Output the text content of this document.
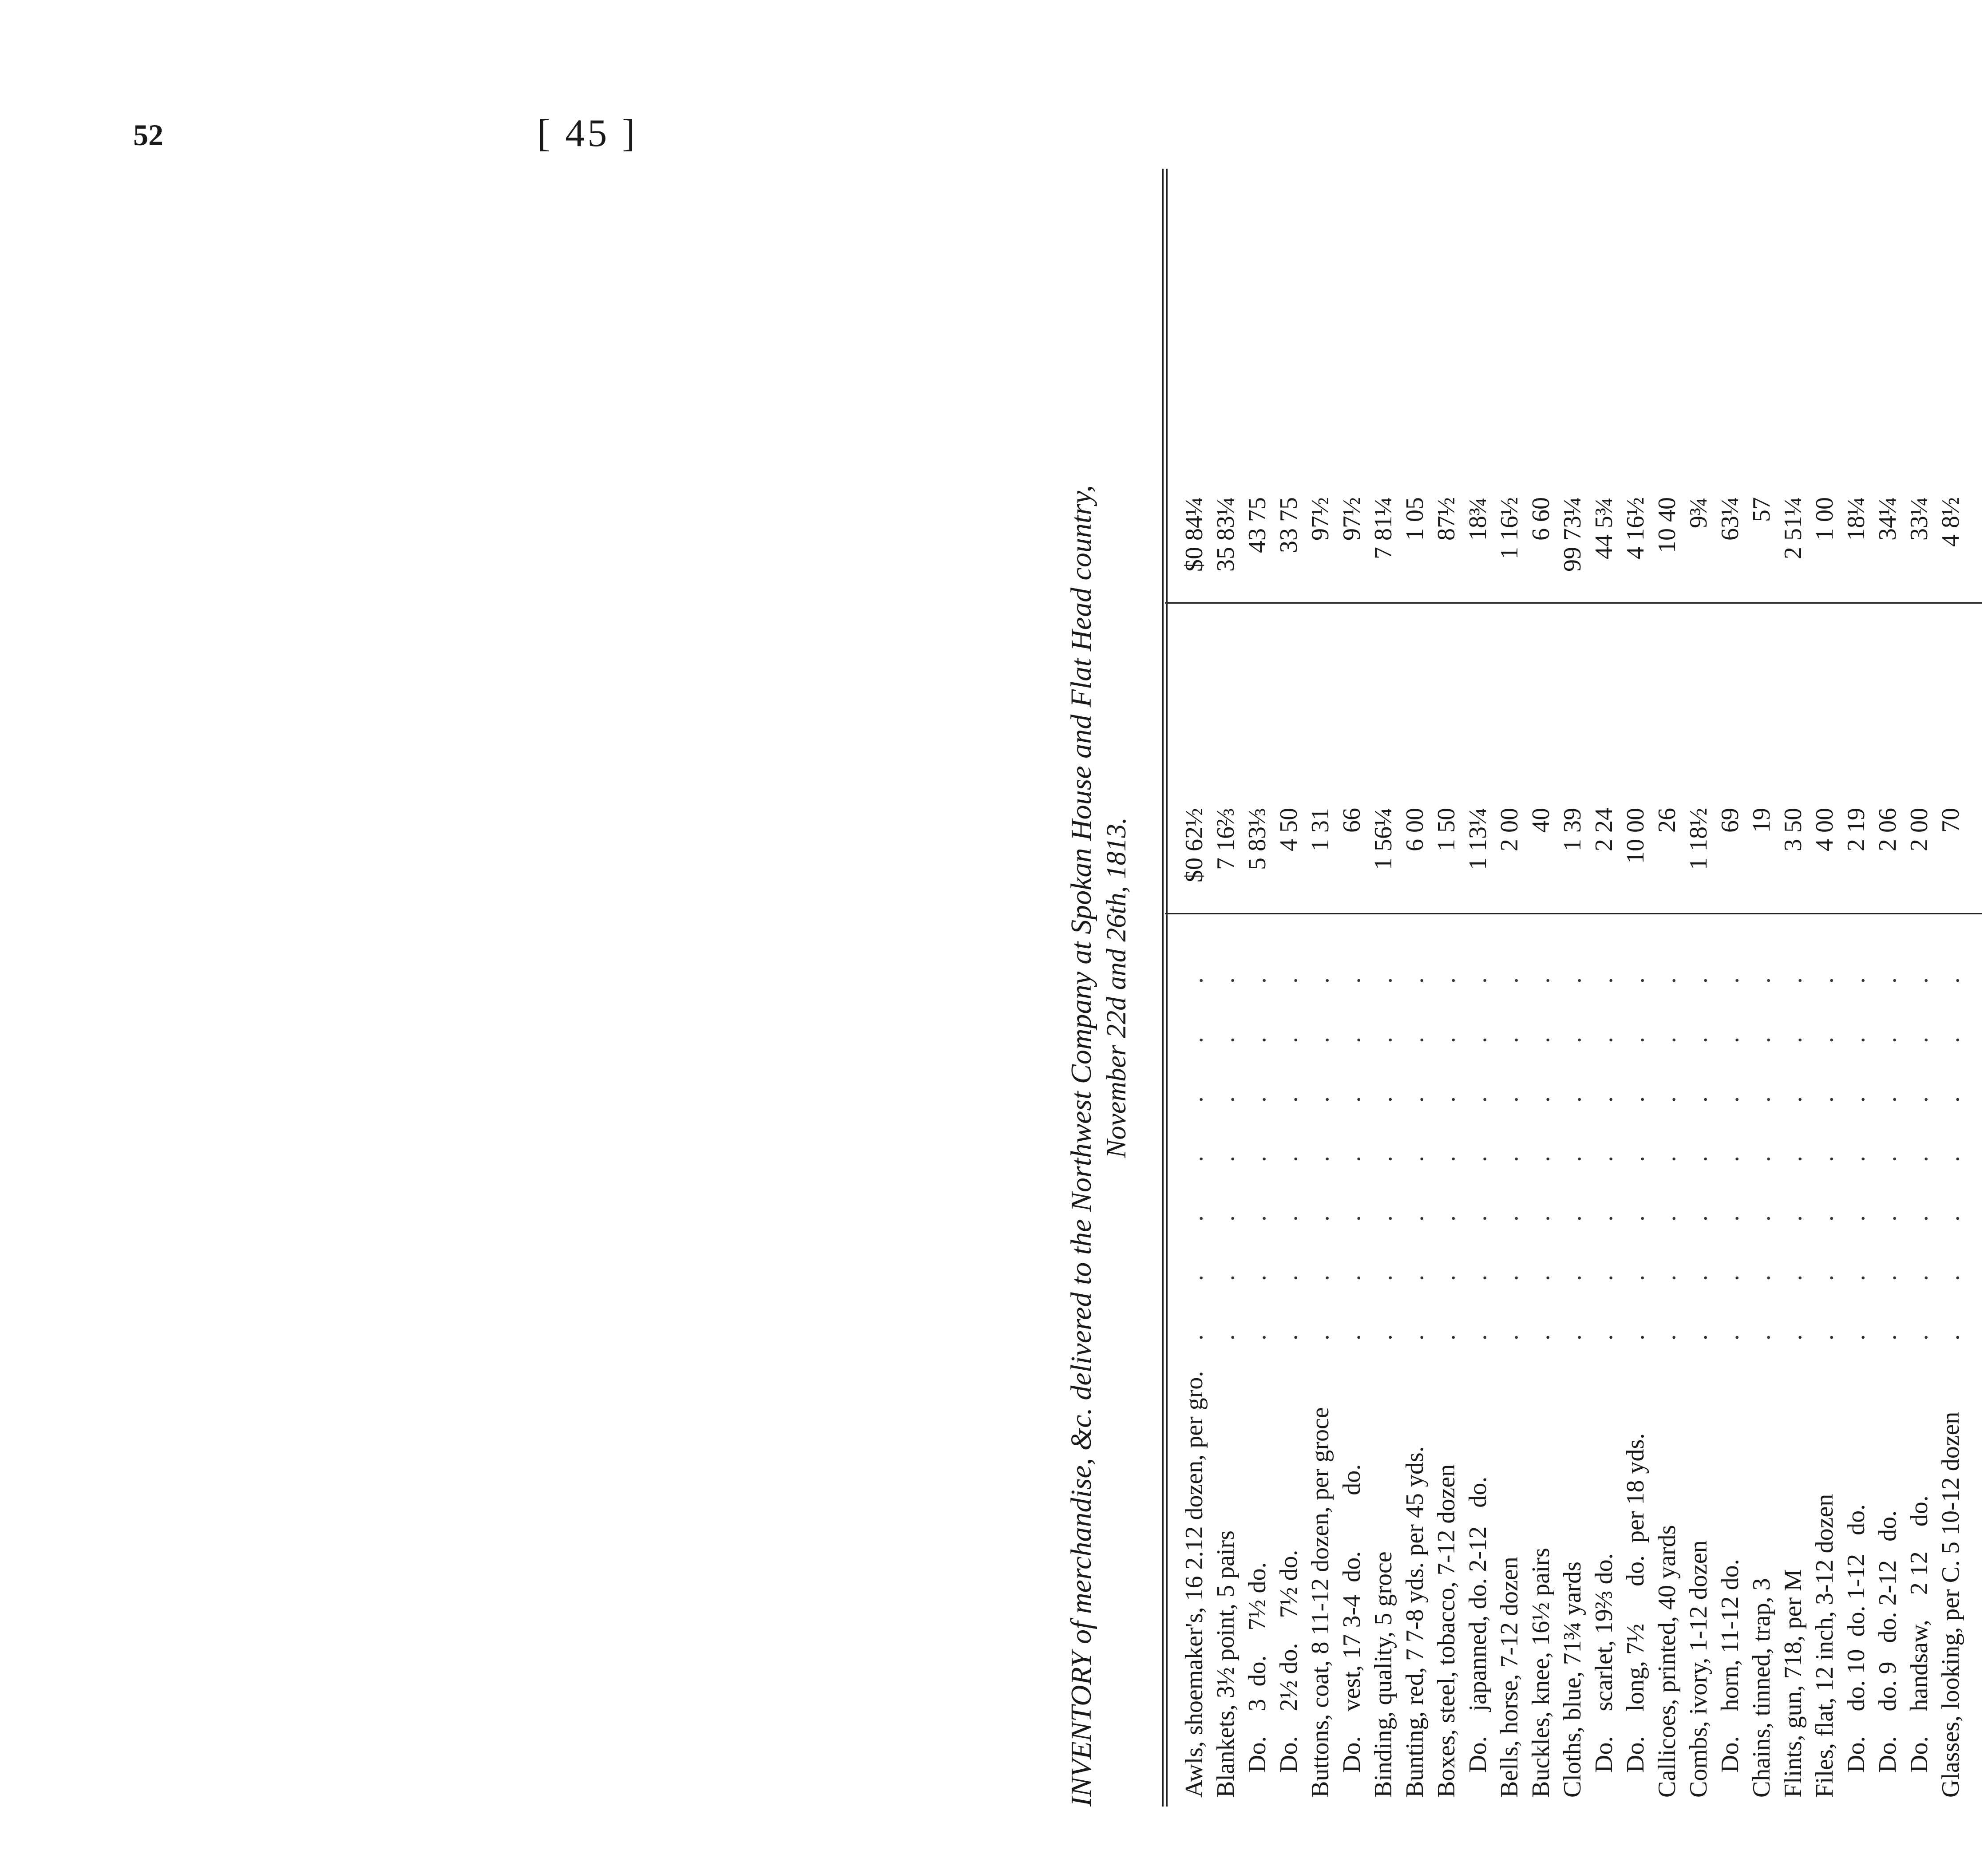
52	[ 45 ]
INVENTORY of merchandise, &c. delivered to the Northwest Company at Spokan House and Flat Head country, November 22d and 26th, 1813.
Awls, shoemaker's, 16 2.12 dozen, per gro.
.......
$0 62½
$0 84¼
Blankets, 3½ point, 5 pairs
.......
7 16⅔
35 83¼
Do.    3  do.    7½ do.
.......
5 83⅓
43 75
Do.    2½ do.    7½ do.
.......
4 50
33 75
Buttons, coat, 8 11-12 dozen, per groce
.......
1 31
97½
Do.    vest, 17 3-4  do.         do.
.......
66
97½
Binding, quality, 5 groce
.......
1 56¼
7 81¼
Bunting, red, 7 7-8 yds. per 45 yds.
.......
6 00
1 05
Boxes, steel, tobacco, 7-12 dozen
.......
1 50
87½
Do.    japanned, do. 2-12   do.
.......
1 13¼
18¾
Bells, horse, 7-12 dozen
.......
2 00
1 16½
Buckles, knee, 16½ pairs
.......
40
6 60
Cloths, blue, 71¾ yards
.......
1 39
99 73¼
Do.    scarlet, 19⅔ do.
.......
2 24
44 5¾
Do.    long, 7½      do.  per 18 yds.
.......
10 00
4 16½
Callicoes, printed, 40 yards
.......
26
10 40
Combs, ivory, 1-12 dozen
.......
1 18½
9¾
Do.    horn, 11-12 do.
.......
69
63¼
Chains, tinned, trap, 3
.......
19
57
Flints, gun, 718, per M
.......
3 50
2 51¼
Files, flat, 12 inch, 3-12 dozen
.......
4 00
1 00
Do.    do. 10  do. 1-12   do.
.......
2 19
18¼
Do.    do. 9   do. 2-12   do.
.......
2 06
34¼
Do.    handsaw,    2 12    do.
.......
2 00
33¼
Glasses, looking, per C. 5 10-12 dozen
.......
70
4 8½
